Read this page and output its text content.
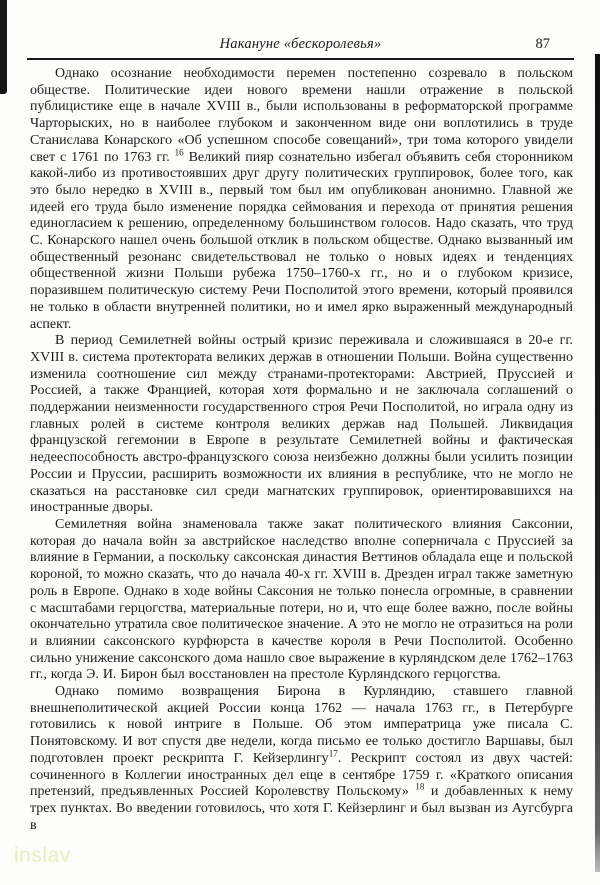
Накануне «бескоролевья»	87

Однако осознание необходимости перемен постепенно созревало в польском обществе. Политические идеи нового времени нашли отражение в польской публицистике еще в начале XVIII в., были использованы в реформаторской программе Чарторыских, но в наиболее глубоком и законченном виде они воплотились в труде Станислава Конарского «Об успешном способе совещаний», три тома которого увидели свет с 1761 по 1763 гг. $^{16}$ Великий пияр сознательно избегал объявить себя сторонником какой-либо из противостоявших друг другу политических группировок, более того, как это было нередко в XVIII в., первый том был им опубликован анонимно. Главной же идеей его труда было изменение порядка сеймования и перехода от принятия решения единогласием к решению, определенному большинством голосов. Надо сказать, что труд С. Конарского нашел очень большой отклик в польском обществе. Однако вызванный им общественный резонанс свидетельствовал не только о новых идеях и тенденциях общественной жизни Польши рубежа 1750–1760-х гг., но и о глубоком кризисе, поразившем политическую систему Речи Посполитой этого времени, который проявился не только в области внутренней политики, но и имел ярко выраженный международный аспект.

В период Семилетней войны острый кризис переживала и сложившаяся в 20-е гг. XVIII в. система протектората великих держав в отношении Польши. Война существенно изменила соотношение сил между странами-протекторами: Австрией, Пруссией и Россией, а также Францией, которая хотя формально и не заключала соглашений о поддержании неизменности государственного строя Речи Посполитой, но играла одну из главных ролей в системе контроля великих держав над Польшей. Ликвидация французской гегемонии в Европе в результате Семилетней войны и фактическая недееспособность австро-французского союза неизбежно должны были усилить позиции России и Пруссии, расширить возможности их влияния в республике, что не могло не сказаться на расстановке сил среди магнатских группировок, ориентировавшихся на иностранные дворы.

Семилетняя война знаменовала также закат политического влияния Саксонии, которая до начала войн за австрийское наследство вполне соперничала с Пруссией за влияние в Германии, а поскольку саксонская династия Веттинов обладала еще и польской короной, то можно сказать, что до начала 40-х гг. XVIII в. Дрезден играл также заметную роль в Европе. Однако в ходе войны Саксония не только понесла огромные, в сравнении с масштабами герцогства, материальные потери, но и, что еще более важно, после войны окончательно утратила свое политическое значение. А это не могло не отразиться на роли и влиянии саксонского курфюрста в качестве короля в Речи Посполитой. Особенно сильно унижение саксонского дома нашло свое выражение в курляндском деле 1762–1763 гг., когда Э. И. Бирон был восстановлен на престоле Курляндского герцогства.

Однако помимо возвращения Бирона в Курляндию, ставшего главной внешнеполитической акцией России конца 1762 — начала 1763 гг., в Петербурге готовились к новой интриге в Польше. Об этом императрица уже писала С. Понятовскому. И вот спустя две недели, когда письмо ее только достигло Варшавы, был подготовлен проект рескрипта Г. Кейзерлингу$^{17}$. Рескрипт состоял из двух частей: сочиненного в Коллегии иностранных дел еще в сентябре 1759 г. «Краткого описания претензий, предъявленных Россией Королевству Польскому» $^{18}$ и добавленных к нему трех пунктах. Во введении готовилось, что хотя Г. Кейзерлинг и был вызван из Аугсбурга в

inslav
